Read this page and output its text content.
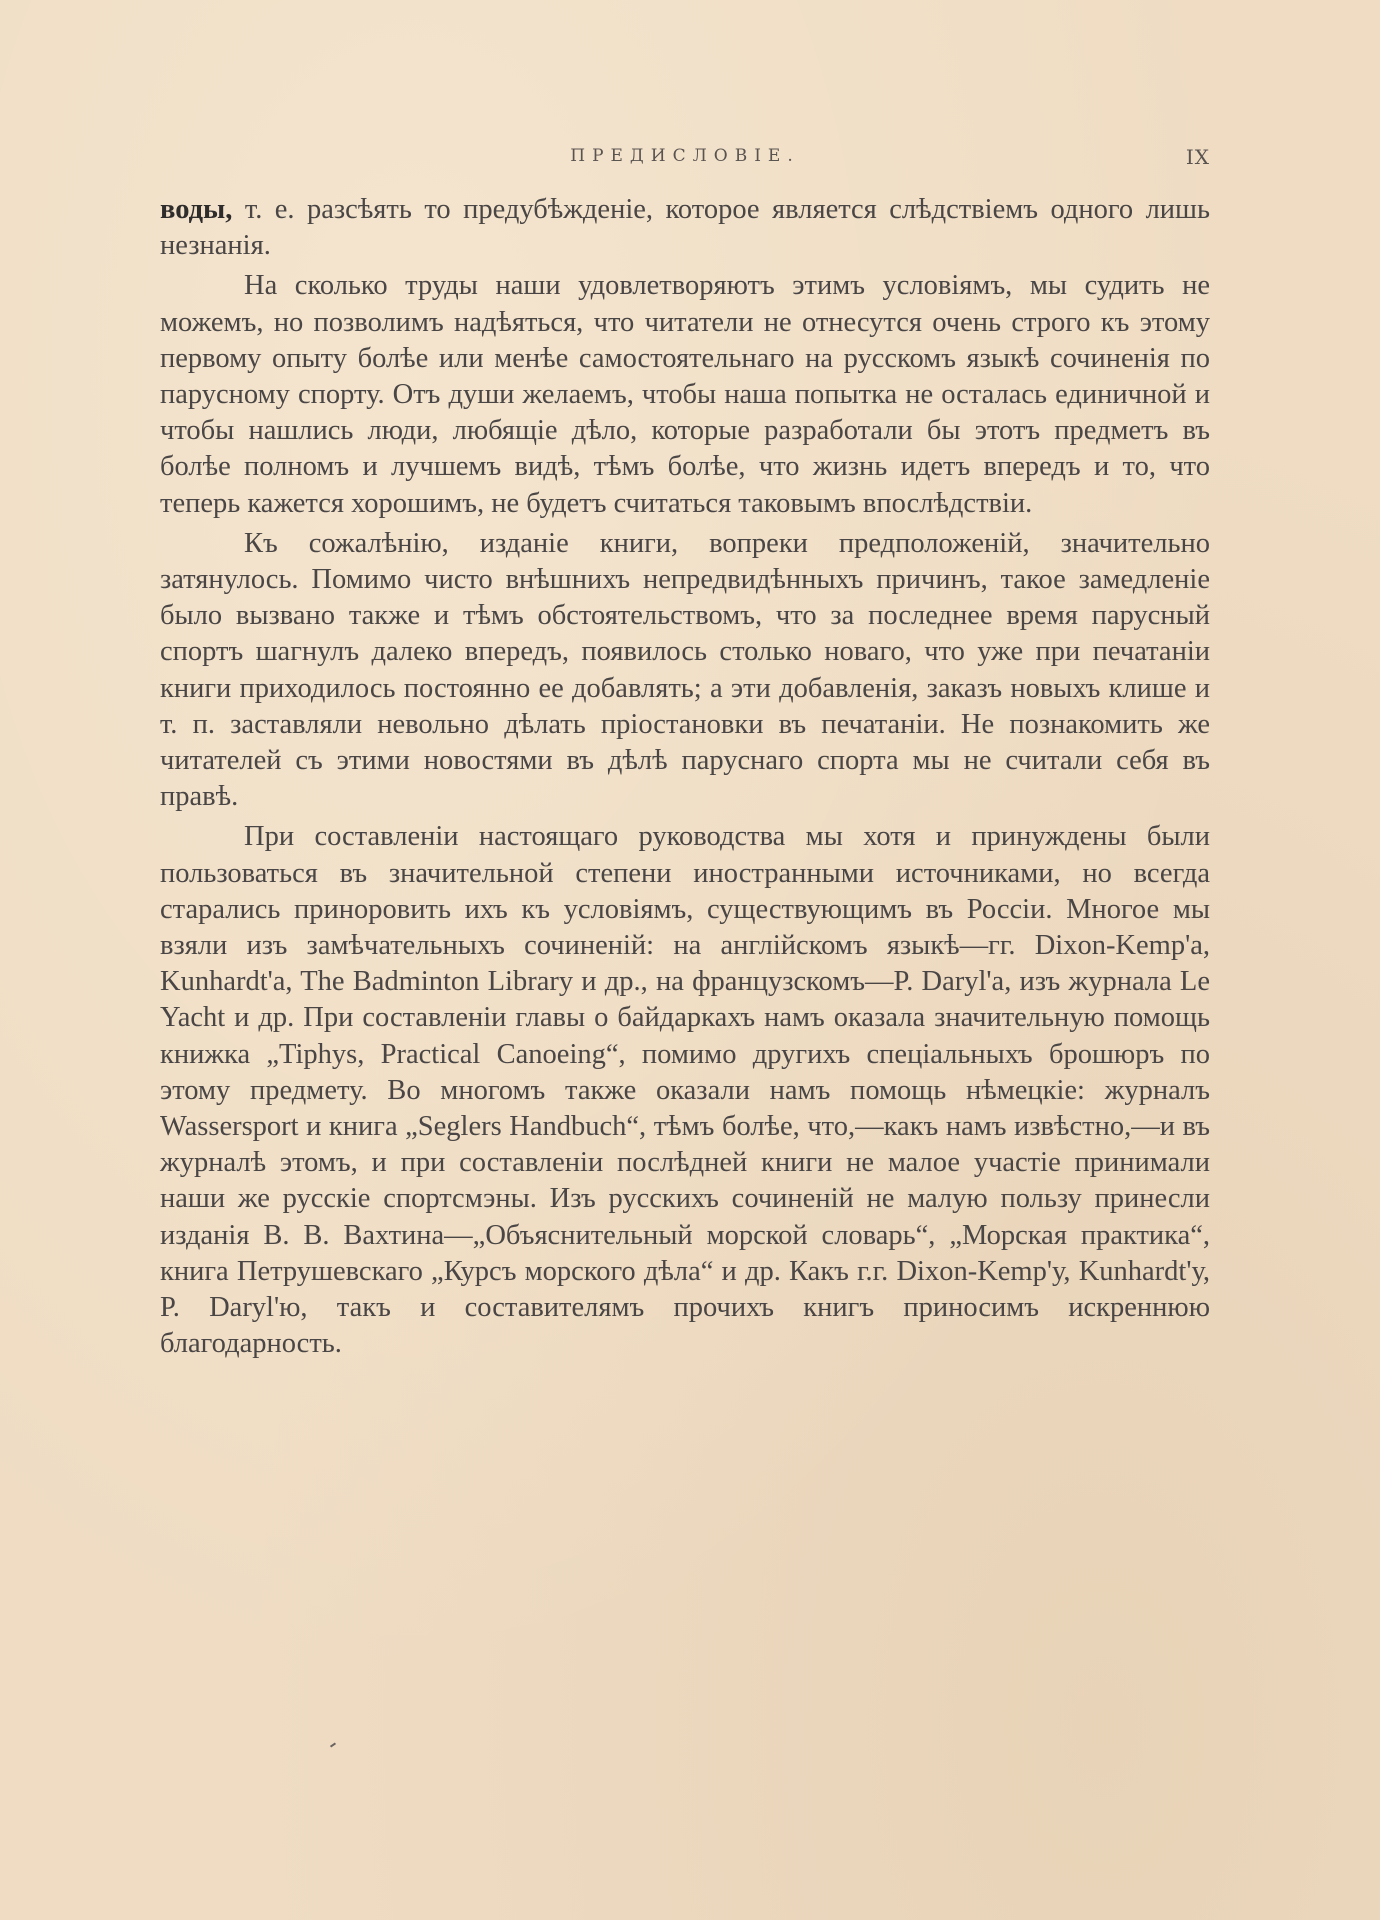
ПРЕДИСЛОВІЕ.	IX

воды, т. е. разсѣять то предубѣжденіе, которое является слѣдствіемъ одного лишь незнанія.

На сколько труды наши удовлетворяютъ этимъ условіямъ, мы судить не можемъ, но позволимъ надѣяться, что читатели не отнесутся очень строго къ этому первому опыту болѣе или менѣе самостоятельнаго на русскомъ языкѣ сочиненія по парусному спорту. Отъ души желаемъ, чтобы наша попытка не осталась единичной и чтобы нашлись люди, любящіе дѣло, которые разработали бы этотъ предметъ въ болѣе полномъ и лучшемъ видѣ, тѣмъ болѣе, что жизнь идетъ впередъ и то, что теперь кажется хорошимъ, не будетъ считаться таковымъ впослѣдствіи.

Къ сожалѣнію, изданіе книги, вопреки предположеній, значительно затянулось. Помимо чисто внѣшнихъ непредвидѣнныхъ причинъ, такое замедленіе было вызвано также и тѣмъ обстоятельствомъ, что за последнее время парусный спортъ шагнулъ далеко впередъ, появилось столько новаго, что уже при печатаніи книги приходилось постоянно ее добавлять; а эти добавленія, заказъ новыхъ клише и т. п. заставляли невольно дѣлать пріостановки въ печатаніи. Не познакомить же читателей съ этими новостями въ дѣлѣ паруснаго спорта мы не считали себя въ правѣ.

При составленіи настоящаго руководства мы хотя и принуждены были пользоваться въ значительной степени иностранными источниками, но всегда старались приноровить ихъ къ условіямъ, существующимъ въ Россіи. Многое мы взяли изъ замѣчательныхъ сочиненій: на англійскомъ языкѣ—гг. Dixon-Kemp'a, Kunhardt'a, The Badminton Library и др., на французскомъ—P. Daryl'a, изъ журнала Le Yacht и др. При составленіи главы о байдаркахъ намъ оказала значительную помощь книжка „Tiphys, Practical Canoeing“, помимо другихъ спеціальныхъ брошюръ по этому предмету. Во многомъ также оказали намъ помощь нѣмецкіе: журналъ Wassersport и книга „Seglers Handbuch“, тѣмъ болѣе, что,—какъ намъ извѣстно,—и въ журналѣ этомъ, и при составленіи послѣдней книги не малое участіе принимали наши же русскіе спортсмэны. Изъ русскихъ сочиненій не малую пользу принесли изданія В. В. Вахтина—„Объяснительный морской словарь“, „Морская практика“, книга Петрушевскаго „Курсъ морского дѣла“ и др. Какъ г.г. Dixon-Kemp'у, Kunhardt'у, P. Daryl'ю, такъ и составителямъ прочихъ книгъ приносимъ искреннюю благодарность.
